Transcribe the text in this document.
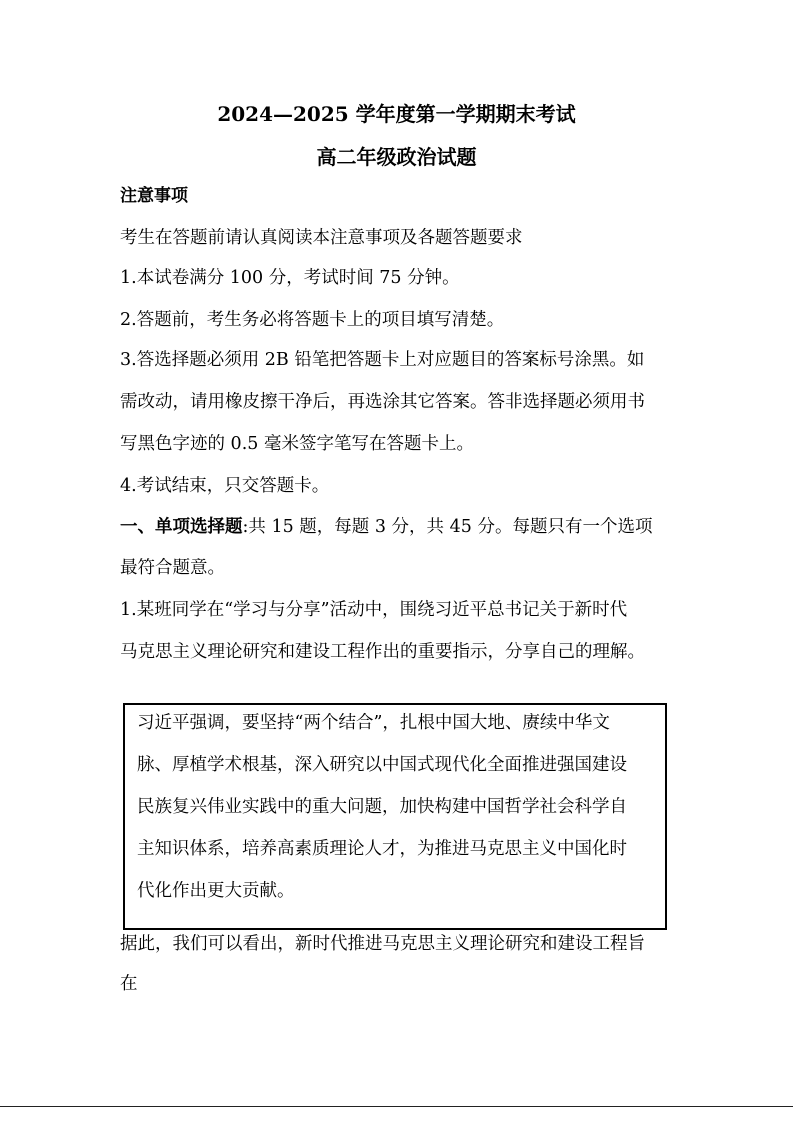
2024—2025 学年度第一学期期末考试
高二年级政治试题
注意事项
考生在答题前请认真阅读本注意事项及各题答题要求
1.本试卷满分 100 分，考试时间 75 分钟。
2.答题前，考生务必将答题卡上的项目填写清楚。
3.答选择题必须用 2B 铅笔把答题卡上对应题目的答案标号涂黑。如
需改动，请用橡皮擦干净后，再选涂其它答案。答非选择题必须用书
写黑色字迹的 0.5 毫米签字笔写在答题卡上。
4.考试结束，只交答题卡。
一、单项选择题:共 15 题，每题 3 分，共 45 分。每题只有一个选项
最符合题意。
1.某班同学在“学习与分享”活动中，围绕习近平总书记关于新时代
马克思主义理论研究和建设工程作出的重要指示，分享自己的理解。
习近平强调，要坚持“两个结合”，扎根中国大地、赓续中华文
脉、厚植学术根基，深入研究以中国式现代化全面推进强国建设
民族复兴伟业实践中的重大问题，加快构建中国哲学社会科学自
主知识体系，培养高素质理论人才，为推进马克思主义中国化时
代化作出更大贡献。
据此，我们可以看出，新时代推进马克思主义理论研究和建设工程旨
在
